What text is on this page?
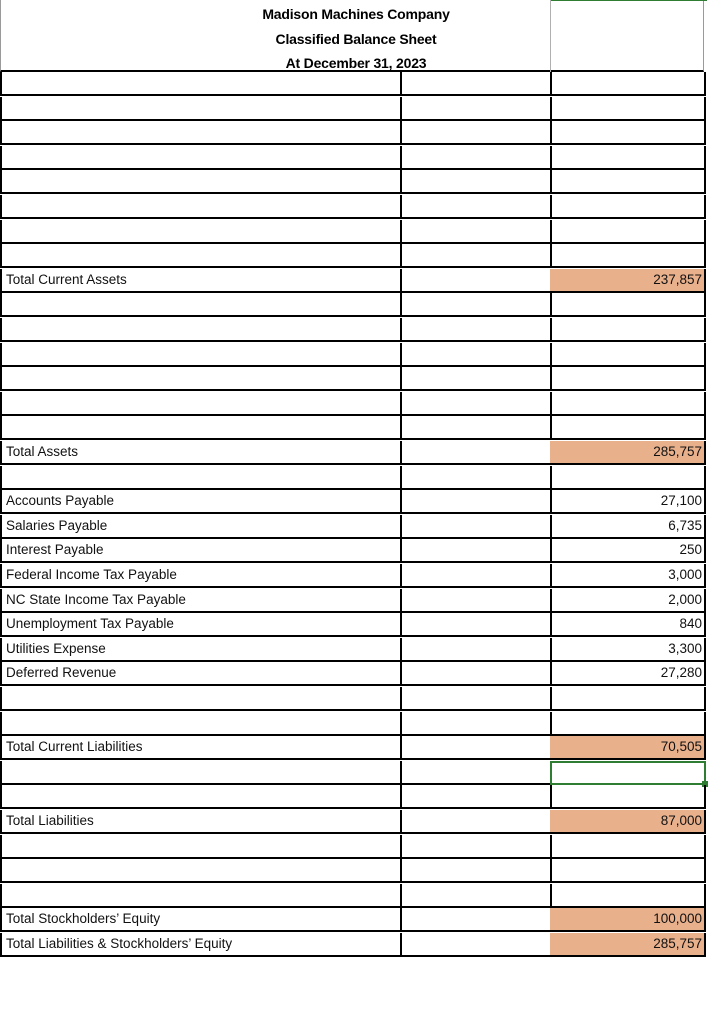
Madison Machines Company
Classified Balance Sheet
At December 31, 2023
Total Current Assets	237,857
Total Assets	285,757
Accounts Payable	27,100
Salaries Payable	6,735
Interest Payable	250
Federal Income Tax Payable	3,000
NC State Income Tax Payable	2,000
Unemployment Tax Payable	840
Utilities Expense	3,300
Deferred Revenue	27,280
Total Current Liabilities	70,505
Total Liabilities	87,000
Total Stockholders’ Equity	100,000
Total Liabilities & Stockholders’ Equity	285,757
